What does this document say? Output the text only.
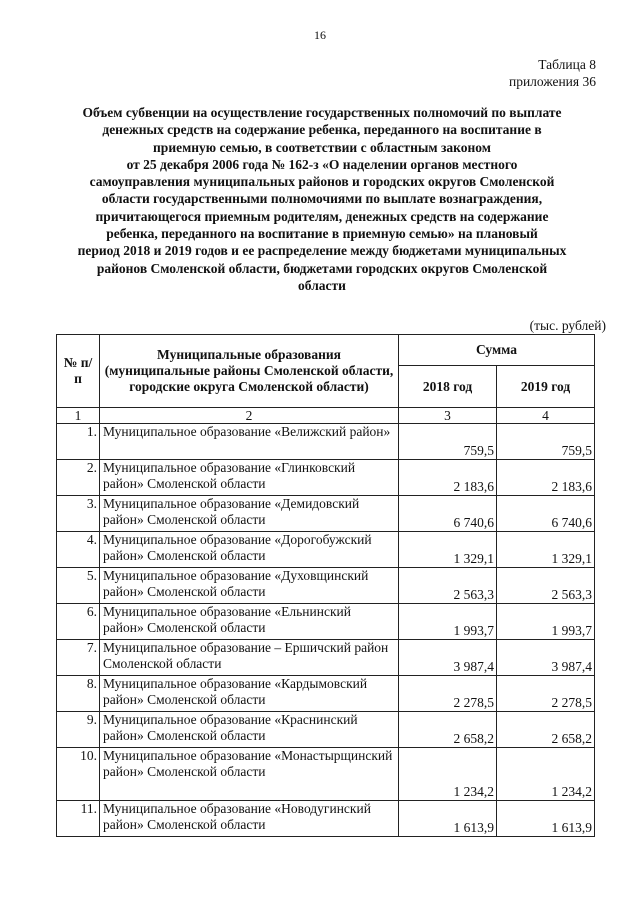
16
Таблица 8
приложения 36
Объем субвенции на осуществление государственных полномочий по выплате
денежных средств на содержание ребенка, переданного на воспитание в
приемную семью, в соответствии с областным законом
от 25 декабря 2006 года № 162-з «О наделении органов местного
самоуправления муниципальных районов и городских округов Смоленской
области государственными полномочиями по выплате вознаграждения,
причитающегося приемным родителям, денежных средств на содержание
ребенка, переданного на воспитание в приемную семью» на плановый
период 2018 и 2019 годов и ее распределение между бюджетами муниципальных
районов Смоленской области, бюджетами городских округов Смоленской
области
(тыс. рублей)
№ п/п	Муниципальные образования (муниципальные районы Смоленской области, городские округа Смоленской области)	Сумма	
		2018 год	2019 год
1	2	3	4
1.	Муниципальное образование «Велижский район»	759,5	759,5
2.	Муниципальное образование «Глинковский район» Смоленской области	2 183,6	2 183,6
3.	Муниципальное образование «Демидовский район» Смоленской области	6 740,6	6 740,6
4.	Муниципальное образование «Дорогобужский район» Смоленской области	1 329,1	1 329,1
5.	Муниципальное образование «Духовщинский район» Смоленской области	2 563,3	2 563,3
6.	Муниципальное образование «Ельнинский район» Смоленской области	1 993,7	1 993,7
7.	Муниципальное образование – Ершичский район Смоленской области	3 987,4	3 987,4
8.	Муниципальное образование «Кардымовский район» Смоленской области	2 278,5	2 278,5
9.	Муниципальное образование «Краснинский район» Смоленской области	2 658,2	2 658,2
10.	Муниципальное образование «Монастырщинский район» Смоленской области	1 234,2	1 234,2
11.	Муниципальное образование «Новодугинский район» Смоленской области	1 613,9	1 613,9
